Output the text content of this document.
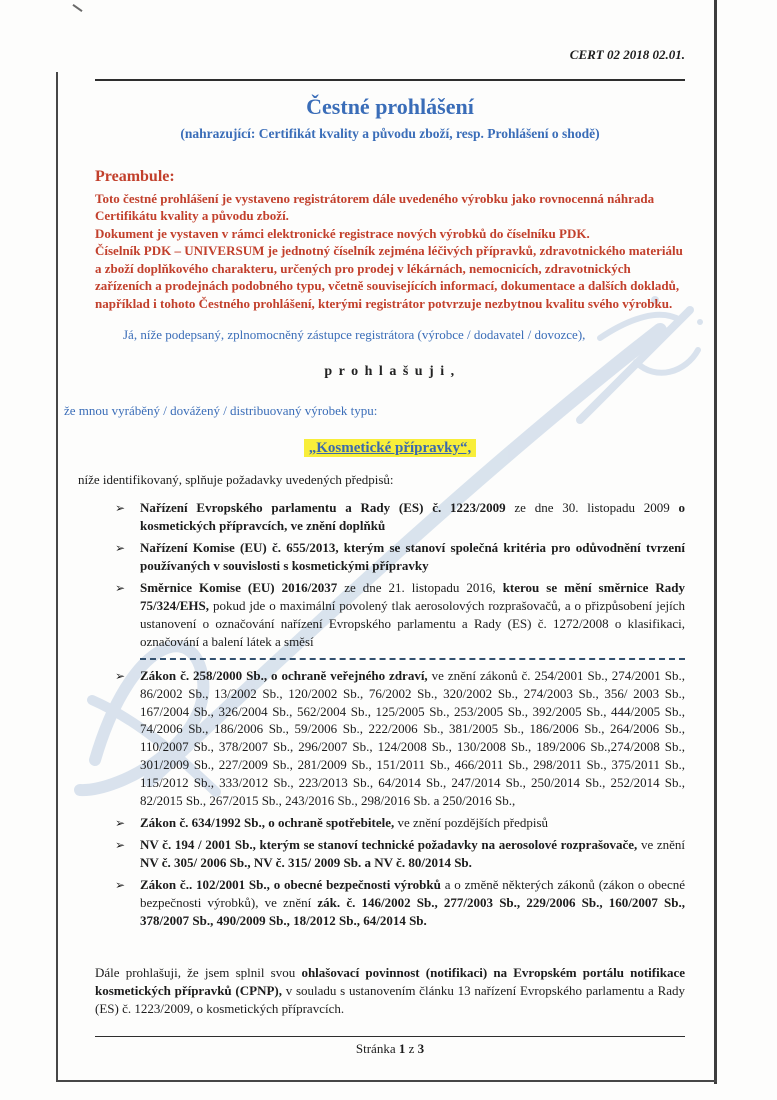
CERT 02 2018 02.01.
Čestné prohlášení
(nahrazující: Certifikát kvality a původu zboží, resp. Prohlášení o shodě)
Preambule:

Toto čestné prohlášení je vystaveno registrátorem dále uvedeného výrobku jako rovnocenná náhrada Certifikátu kvality a původu zboží.

Dokument je vystaven v rámci elektronické registrace nových výrobků do číselníku PDK.

Číselník PDK – UNIVERSUM je jednotný číselník zejména léčivých přípravků, zdravotnického materiálu a zboží doplňkového charakteru, určených pro prodej v lékárnách, nemocnicích, zdravotnických zařízeních a prodejnách podobného typu, včetně souvisejících informací, dokumentace a dalších dokladů, například i tohoto Čestného prohlášení, kterými registrátor potvrzuje nezbytnou kvalitu svého výrobku.

Já, níže podepsaný, zplnomocněný zástupce registrátora (výrobce / dodavatel / dovozce),

p r o h l a š u j i ,

že mnou vyráběný / dovážený / distribuovaný výrobek typu:

„Kosmetické přípravky“,

níže identifikovaný, splňuje požadavky uvedených předpisů:

➢	Nařízení Evropského parlamentu a Rady (ES) č. 1223/2009 ze dne 30. listopadu 2009 o kosmetických přípravcích, ve znění doplňků
➢	Nařízení Komise (EU) č. 655/2013, kterým se stanoví společná kritéria pro odůvodnění tvrzení používaných v souvislosti s kosmetickými přípravky
➢	Směrnice Komise (EU) 2016/2037 ze dne 21. listopadu 2016, kterou se mění směrnice Rady 75/324/EHS, pokud jde o maximální povolený tlak aerosolových rozprašovačů, a o přizpůsobení jejích ustanovení o označování nařízení Evropského parlamentu a Rady (ES) č. 1272/2008 o klasifikaci, označování a balení látek a směsí
➢	Zákon č. 258/2000 Sb., o ochraně veřejného zdraví, ve znění zákonů č. 254/2001 Sb., 274/2001 Sb., 86/2002 Sb., 13/2002 Sb., 120/2002 Sb., 76/2002 Sb., 320/2002 Sb., 274/2003 Sb., 356/ 2003 Sb., 167/2004 Sb., 326/2004 Sb., 562/2004 Sb., 125/2005 Sb., 253/2005 Sb., 392/2005 Sb., 444/2005 Sb., 74/2006 Sb., 186/2006 Sb., 59/2006 Sb., 222/2006 Sb., 381/2005 Sb., 186/2006 Sb., 264/2006 Sb., 110/2007 Sb., 378/2007 Sb., 296/2007 Sb., 124/2008 Sb., 130/2008 Sb., 189/2006 Sb.,274/2008 Sb., 301/2009 Sb., 227/2009 Sb., 281/2009 Sb., 151/2011 Sb., 466/2011 Sb., 298/2011 Sb., 375/2011 Sb., 115/2012 Sb., 333/2012 Sb., 223/2013 Sb., 64/2014 Sb., 247/2014 Sb., 250/2014 Sb., 252/2014 Sb., 82/2015 Sb., 267/2015 Sb., 243/2016 Sb., 298/2016 Sb. a 250/2016 Sb.,
➢	Zákon č. 634/1992 Sb., o ochraně spotřebitele, ve znění pozdějších předpisů
➢	NV č. 194 / 2001 Sb., kterým se stanoví technické požadavky na aerosolové rozprašovače, ve znění NV č. 305/ 2006 Sb., NV č. 315/ 2009 Sb. a NV č. 80/2014 Sb.
➢	Zákon č.. 102/2001 Sb., o obecné bezpečnosti výrobků a o změně některých zákonů (zákon o obecné bezpečnosti výrobků), ve znění zák. č. 146/2002 Sb., 277/2003 Sb., 229/2006 Sb., 160/2007 Sb., 378/2007 Sb., 490/2009 Sb., 18/2012 Sb., 64/2014 Sb.

Dále prohlašuji, že jsem splnil svou ohlašovací povinnost (notifikaci) na Evropském portálu notifikace kosmetických přípravků (CPNP), v souladu s ustanovením článku 13 nařízení Evropského parlamentu a Rady (ES) č. 1223/2009, o kosmetických přípravcích.

Stránka 1 z 3
